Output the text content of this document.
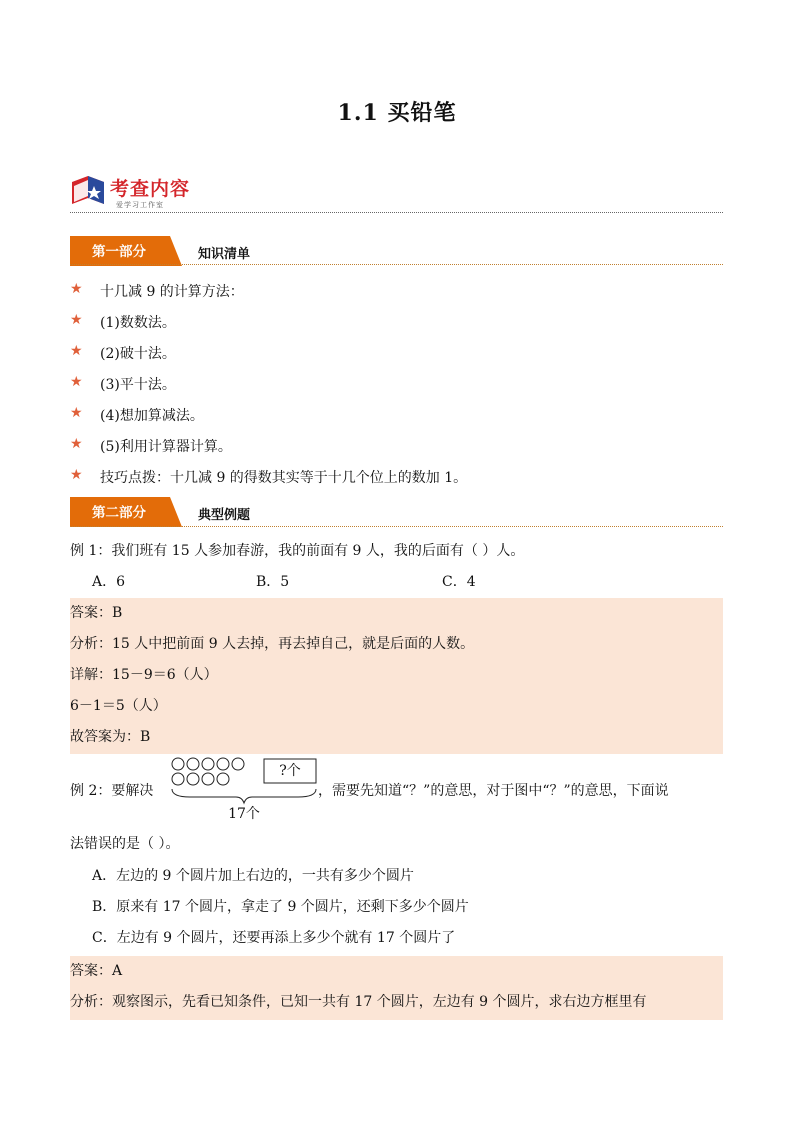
1.1 买铅笔
考查内容
爱学习工作室
第一部分	知识清单
★ 十几减 9 的计算方法：
★ (1)数数法。
★ (2)破十法。
★ (3)平十法。
★ (4)想加算减法。
★ (5)利用计算器计算。
★ 技巧点拨：十几减 9 的得数其实等于十几个位上的数加 1。
第二部分	典型例题
例 1：我们班有 15 人参加春游，我的前面有 9 人，我的后面有（ ）人。
A．6	B．5	C．4
答案：B
分析：15 人中把前面 9 人去掉，再去掉自己，就是后面的人数。
详解：15－9＝6（人）
6－1＝5（人）
故答案为：B
例 2：要解决
?个
17个
，需要先知道“？”的意思，对于图中“？”的意思，下面说
法错误的是（ ）。
A．左边的 9 个圆片加上右边的，一共有多少个圆片
B．原来有 17 个圆片，拿走了 9 个圆片，还剩下多少个圆片
C．左边有 9 个圆片，还要再添上多少个就有 17 个圆片了
答案：A
分析：观察图示，先看已知条件，已知一共有 17 个圆片，左边有 9 个圆片，求右边方框里有
